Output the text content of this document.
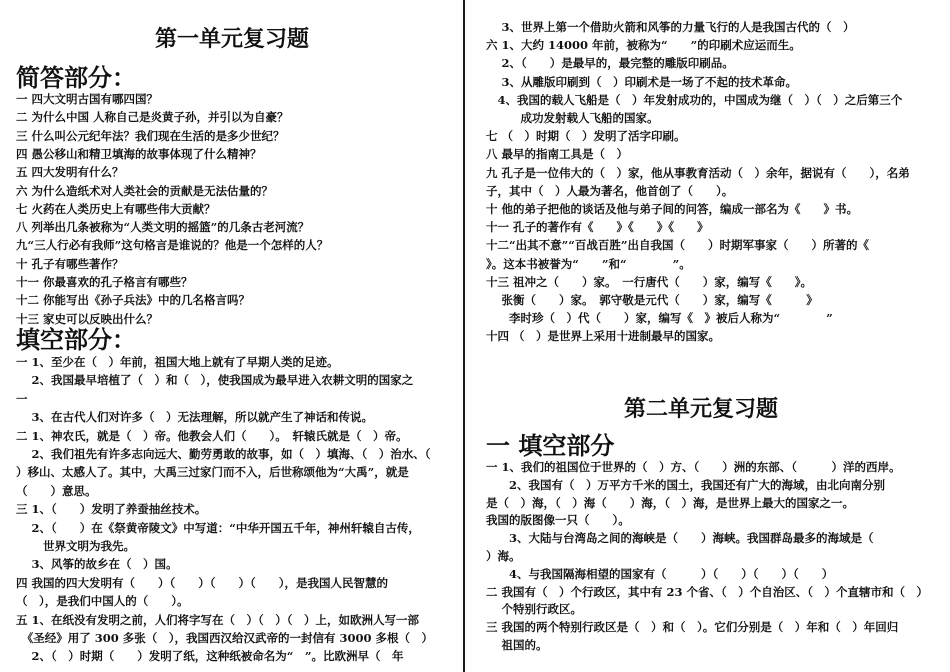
第一单元复习题
简答部分：
一 四大文明古国有哪四国？
二 为什么中国 人称自己是炎黄子孙，并引以为自豪？
三 什么叫公元纪年法？我们现在生活的是多少世纪？
四 愚公移山和精卫填海的故事体现了什么精神？
五 四大发明有什么？
六 为什么造纸术对人类社会的贡献是无法估量的？
七 火药在人类历史上有哪些伟大贡献？
八 列举出几条被称为“人类文明的摇篮”的几条古老河流？
九“三人行必有我师”这句格言是谁说的？他是一个怎样的人？
十 孔子有哪些著作？
十一 你最喜欢的孔子格言有哪些？
十二 你能写出《孙子兵法》中的几名格言吗？
十三 家史可以反映出什么？
填空部分：
一 1、至少在（　）年前，祖国大地上就有了早期人类的足迹。
　 2、我国最早培植了（　）和（　），使我国成为最早进入农耕文明的国家之
一
　 3、在古代人们对许多（　）无法理解，所以就产生了神话和传说。
二 1、神农氏，就是（　）帝。他教会人们（　　）。　轩辕氏就是（　）帝。
　 2、我们祖先有许多志向远大、勤劳勇敢的故事，如（　）填海、（　）治水、（
）移山、太感人了。其中，大禹三过家门而不入，后世称颂他为“大禹”，就是
（　　）意思。
三 1、（　　）发明了养蚕抽丝技术。
　 2、（　　）在《祭黄帝陵文》中写道：“中华开国五千年，神州轩辕自古传，
　　 世界文明为我先。
　 3、风筝的故乡在（　）国。
四 我国的四大发明有（　　）（　　）（　　）（　　），是我国人民智慧的
（　），是我们中国人的（　　）。
五 1、在纸没有发明之前，人们将字写在（　）（　）（　）上，如欧洲人写一部
　《圣经》用了 300 多张（　），我国西汉给汉武帝的一封信有 3000 多根（　）
　 2、（　）时期（　　）发明了纸，这种纸被命名为“　”。比欧洲早（　年
　 3、世界上第一个借助火箭和风筝的力量飞行的人是我国古代的（　）
六 1、大约 14000 年前，被称为“　　”的印刷术应运而生。
　 2、（　　）是最早的，最完整的雕版印刷品。
　 3、从雕版印刷到（　）印刷术是一场了不起的技术革命。
　4、我国的载人飞船是（　）年发射成功的，中国成为继（　）（　）之后第三个
　　　成功发射载人飞船的国家。
七 （　）时期（　）发明了活字印刷。
八 最早的指南工具是（　）
九 孔子是一位伟大的（　）家，他从事教育活动（　）余年，据说有（　　），名弟
子，其中（　）人最为著名，他首创了（　　）。
十 他的弟子把他的谈话及他与弟子间的问答，编成一部名为《　　》书。
十一 孔子的著作有《　　》《　　》《　　》
十二“出其不意”“百战百胜”出自我国（　　）时期军事家（　　）所著的《
》。这本书被誉为“　　”和“　　　　”。
十三 祖冲之（　　）家。　一行唐代（　　）家，编写《　　》。
　 张衡（　　）家。　郭守敬是元代（　　）家，编写《　　　》
　　李时珍（　）代（　　）家，编写《　》被后人称为“　　　　”
十四 （　）是世界上采用十进制最早的国家。
第二单元复习题
一 填空部分
一 1、我们的祖国位于世界的（　）方、（　　）洲的东部、（　　　）洋的西岸。
　　2、我国有（　）万平方千米的国土，我国还有广大的海域，由北向南分别
是（　）海，（　）海（　　）海，（　）海，是世界上最大的国家之一。
我国的版图像一只（　　）。
　　3、大陆与台湾岛之间的海峡是（　　）海峡。我国群岛最多的海域是（
）海。
　　4、与我国隔海相望的国家有（　　　）（　　）（　　）（　　）
二 我国有（　）个行政区，其中有 23 个省、（　）个自治区、（　）个直辖市和（　）
　 个特别行政区。
三 我国的两个特别行政区是（　）和（　）。它们分别是（　）年和（　）年回归
　 祖国的。
